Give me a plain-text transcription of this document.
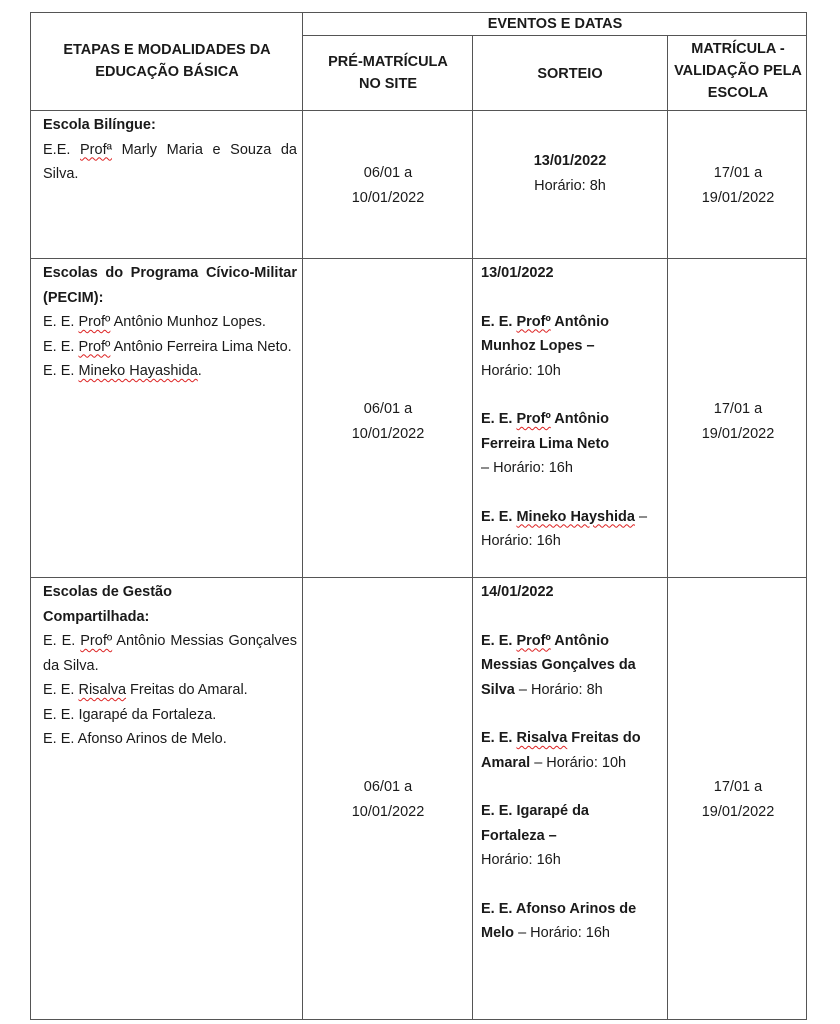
ETAPAS E MODALIDADES DA EDUCAÇÃO BÁSICA
EVENTOS E DATAS
PRÉ-MATRÍCULA NO SITE
SORTEIO
MATRÍCULA - VALIDAÇÃO PELA ESCOLA
Escola Bilíngue:
E.E. Profª Marly Maria e Souza da Silva.	06/01 a 10/01/2022
13/01/2022
Horário: 8h
17/01 a 19/01/2022
Escolas do Programa Cívico-Militar (PECIM):
E. E. Profº Antônio Munhoz Lopes.
E. E. Profº Antônio Ferreira Lima Neto.
E. E. Mineko Hayashida.
06/01 a 10/01/2022
13/01/2022
E. E. Profº Antônio Munhoz Lopes –
Horário: 10h
E. E. Profº Antônio Ferreira Lima Neto
– Horário: 16h
E. E. Mineko Hayshida – Horário: 16h
17/01 a 19/01/2022
Escolas de Gestão Compartilhada:
E. E. Profº Antônio Messias Gonçalves da Silva.
E. E. Risalva Freitas do Amaral.
E. E. Igarapé da Fortaleza.
E. E. Afonso Arinos de Melo.
06/01 a 10/01/2022
14/01/2022
E. E. Profº Antônio Messias Gonçalves da Silva – Horário: 8h
E. E. Risalva Freitas do Amaral – Horário: 10h
E. E. Igarapé da Fortaleza –
Horário: 16h
E. E. Afonso Arinos de Melo – Horário: 16h
17/01 a 19/01/2022
